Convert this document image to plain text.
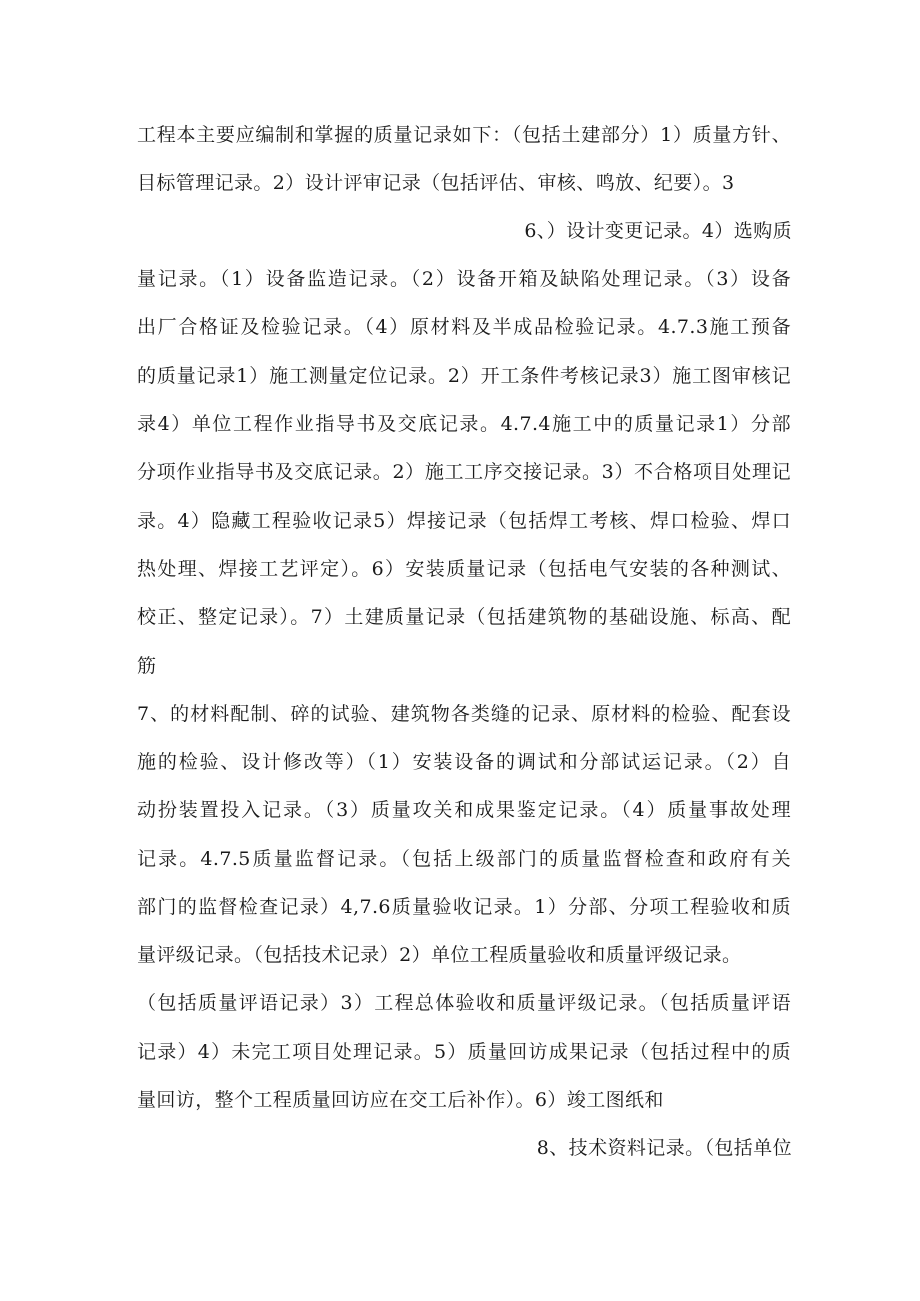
工程本主要应编制和掌握的质量记录如下：（包括土建部分）1）质量方针、
目标管理记录。2）设计评审记录（包括评估、审核、鸣放、纪要）。3
6、）设计变更记录。4）选购质
量记录。（1）设备监造记录。（2）设备开箱及缺陷处理记录。（3）设备
出厂合格证及检验记录。（4）原材料及半成品检验记录。4.7.3施工预备
的质量记录1）施工测量定位记录。2）开工条件考核记录3）施工图审核记
录4）单位工程作业指导书及交底记录。4.7.4施工中的质量记录1）分部
分项作业指导书及交底记录。2）施工工序交接记录。3）不合格项目处理记
录。4）隐藏工程验收记录5）焊接记录（包括焊工考核、焊口检验、焊口
热处理、焊接工艺评定）。6）安装质量记录（包括电气安装的各种测试、
校正、整定记录）。7）土建质量记录（包括建筑物的基础设施、标高、配
筋
7、的材料配制、碎的试验、建筑物各类缝的记录、原材料的检验、配套设
施的检验、设计修改等）（1）安装设备的调试和分部试运记录。（2）自
动扮装置投入记录。（3）质量攻关和成果鉴定记录。（4）质量事故处理
记录。4.7.5质量监督记录。（包括上级部门的质量监督检查和政府有关
部门的监督检查记录）4,7.6质量验收记录。1）分部、分项工程验收和质
量评级记录。（包括技术记录）2）单位工程质量验收和质量评级记录。
（包括质量评语记录）3）工程总体验收和质量评级记录。（包括质量评语
记录）4）未完工项目处理记录。5）质量回访成果记录（包括过程中的质
量回访，整个工程质量回访应在交工后补作）。6）竣工图纸和
8、技术资料记录。（包括单位
